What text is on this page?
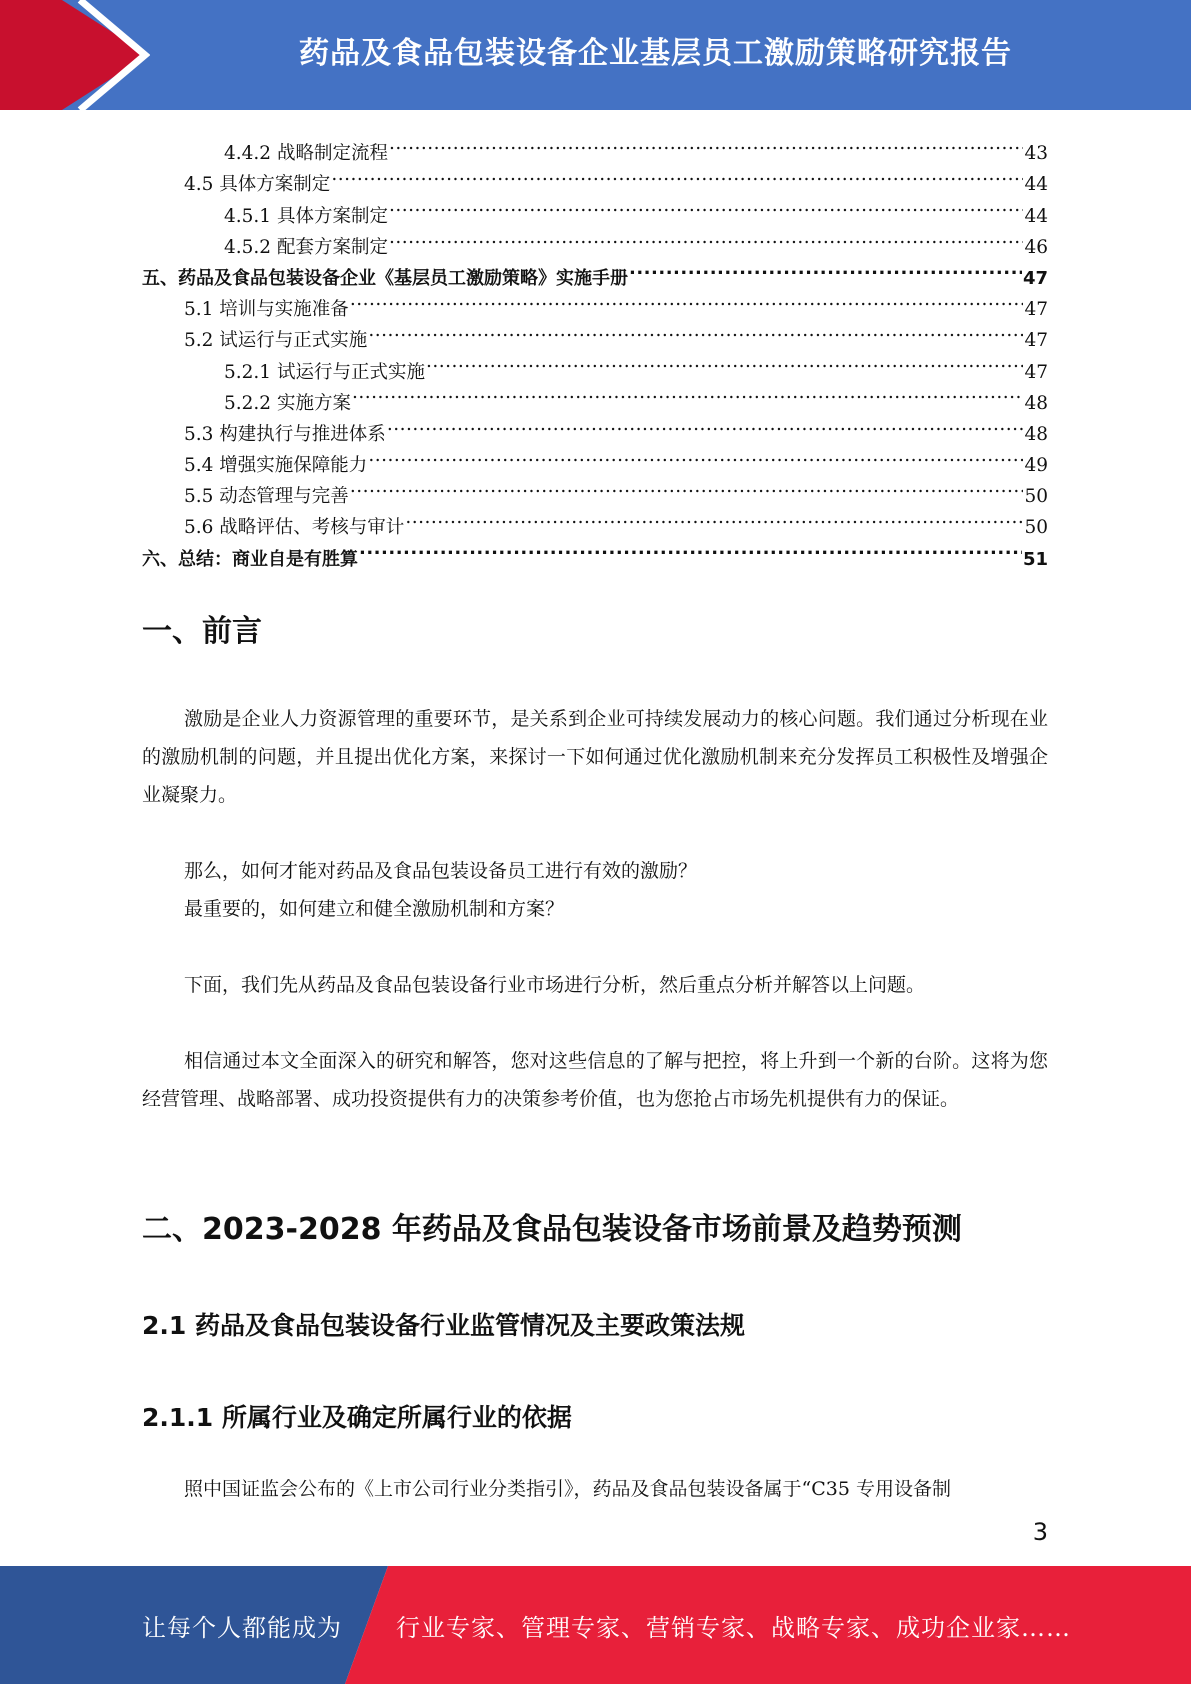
药品及食品包装设备企业基层员工激励策略研究报告
4.4.2 战略制定流程 .....	43
4.5 具体方案制定 .....	44
4.5.1 具体方案制定 .....	44
4.5.2 配套方案制定 .....	46
五、药品及食品包装设备企业《基层员工激励策略》实施手册 .....	47
5.1 培训与实施准备 .....	47
5.2 试运行与正式实施 .....	47
5.2.1 试运行与正式实施 .....	47
5.2.2 实施方案 .....	48
5.3 构建执行与推进体系 .....	48
5.4 增强实施保障能力 .....	49
5.5 动态管理与完善 .....	50
5.6 战略评估、考核与审计 .....	50
六、总结：商业自是有胜算 .....	51
一、前言
激励是企业人力资源管理的重要环节，是关系到企业可持续发展动力的核心问题。我们通过分析现在业的激励机制的问题，并且提出优化方案，来探讨一下如何通过优化激励机制来充分发挥员工积极性及增强企业凝聚力。
那么，如何才能对药品及食品包装设备员工进行有效的激励？
最重要的，如何建立和健全激励机制和方案？
下面，我们先从药品及食品包装设备行业市场进行分析，然后重点分析并解答以上问题。
相信通过本文全面深入的研究和解答，您对这些信息的了解与把控，将上升到一个新的台阶。这将为您经营管理、战略部署、成功投资提供有力的决策参考价值，也为您抢占市场先机提供有力的保证。
二、2023-2028 年药品及食品包装设备市场前景及趋势预测
2.1 药品及食品包装设备行业监管情况及主要政策法规
2.1.1 所属行业及确定所属行业的依据
照中国证监会公布的《上市公司行业分类指引》，药品及食品包装设备属于“C35 专用设备制
3
让每个人都能成为 行业专家、管理专家、营销专家、战略专家、成功企业家……
